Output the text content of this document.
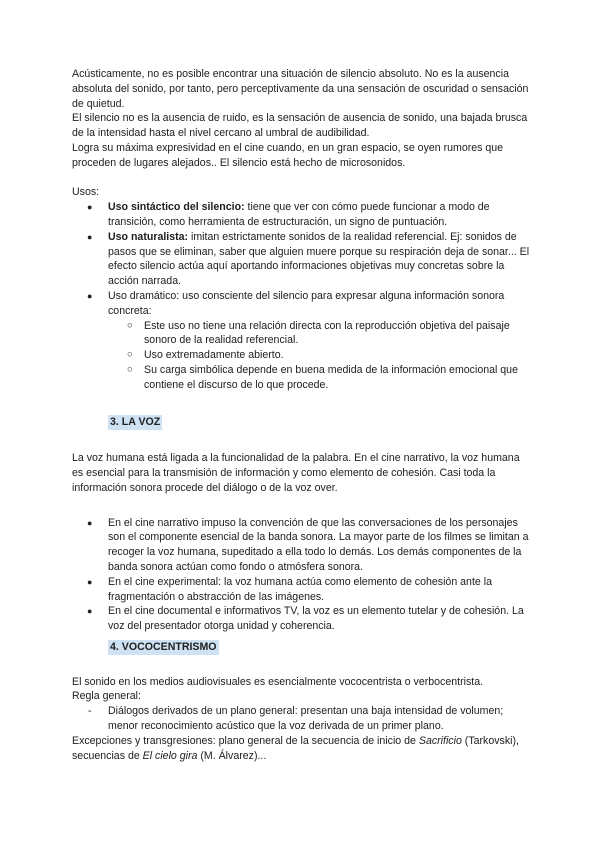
Acústicamente, no es posible encontrar una situación de silencio absoluto. No es la ausencia absoluta del sonido, por tanto, pero perceptivamente da una sensación de oscuridad o sensación de quietud.

El silencio no es la ausencia de ruido, es la sensación de ausencia de sonido, una bajada brusca de la intensidad hasta el nivel cercano al umbral de audibilidad.

Logra su máxima expresividad en el cine cuando, en un gran espacio, se oyen rumores que proceden de lugares alejados.. El silencio está hecho de microsonidos.

Usos:

● Uso sintáctico del silencio: tiene que ver con cómo puede funcionar a modo de transición, como herramienta de estructuración, un signo de puntuación.
● Uso naturalista: imitan estrictamente sonidos de la realidad referencial. Ej: sonidos de pasos que se eliminan, saber que alguien muere porque su respiración deja de sonar... El efecto silencio actúa aquí aportando informaciones objetivas muy concretas sobre la acción narrada.
● Uso dramático: uso consciente del silencio para expresar alguna información sonora concreta:
○ Este uso no tiene una relación directa con la reproducción objetiva del paisaje sonoro de la realidad referencial.
○ Uso extremadamente abierto.
○ Su carga simbólica depende en buena medida de la información emocional que contiene el discurso de lo que procede.
3. LA VOZ

La voz humana está ligada a la funcionalidad de la palabra. En el cine narrativo, la voz humana es esencial para la transmisión de información y como elemento de cohesión. Casi toda la información sonora procede del diálogo o de la voz over.

● En el cine narrativo impuso la convención de que las conversaciones de los personajes son el componente esencial de la banda sonora. La mayor parte de los filmes se limitan a recoger la voz humana, supeditado a ella todo lo demás. Los demás componentes de la banda sonora actúan como fondo o atmósfera sonora.
● En el cine experimental: la voz humana actúa como elemento de cohesión ante la fragmentación o abstracción de las imágenes.
● En el cine documental e informativos TV, la voz es un elemento tutelar y de cohesión. La voz del presentador otorga unidad y coherencia.
4. VOCOCENTRISMO

El sonido en los medios audiovisuales es esencialmente vococentrista o verbocentrista.

Regla general:

- Diálogos derivados de un plano general: presentan una baja intensidad de volumen; menor reconocimiento acústico que la voz derivada de un primer plano.

Excepciones y transgresiones: plano general de la secuencia de inicio de Sacrificio (Tarkovski), secuencias de El cielo gira (M. Álvarez)...
